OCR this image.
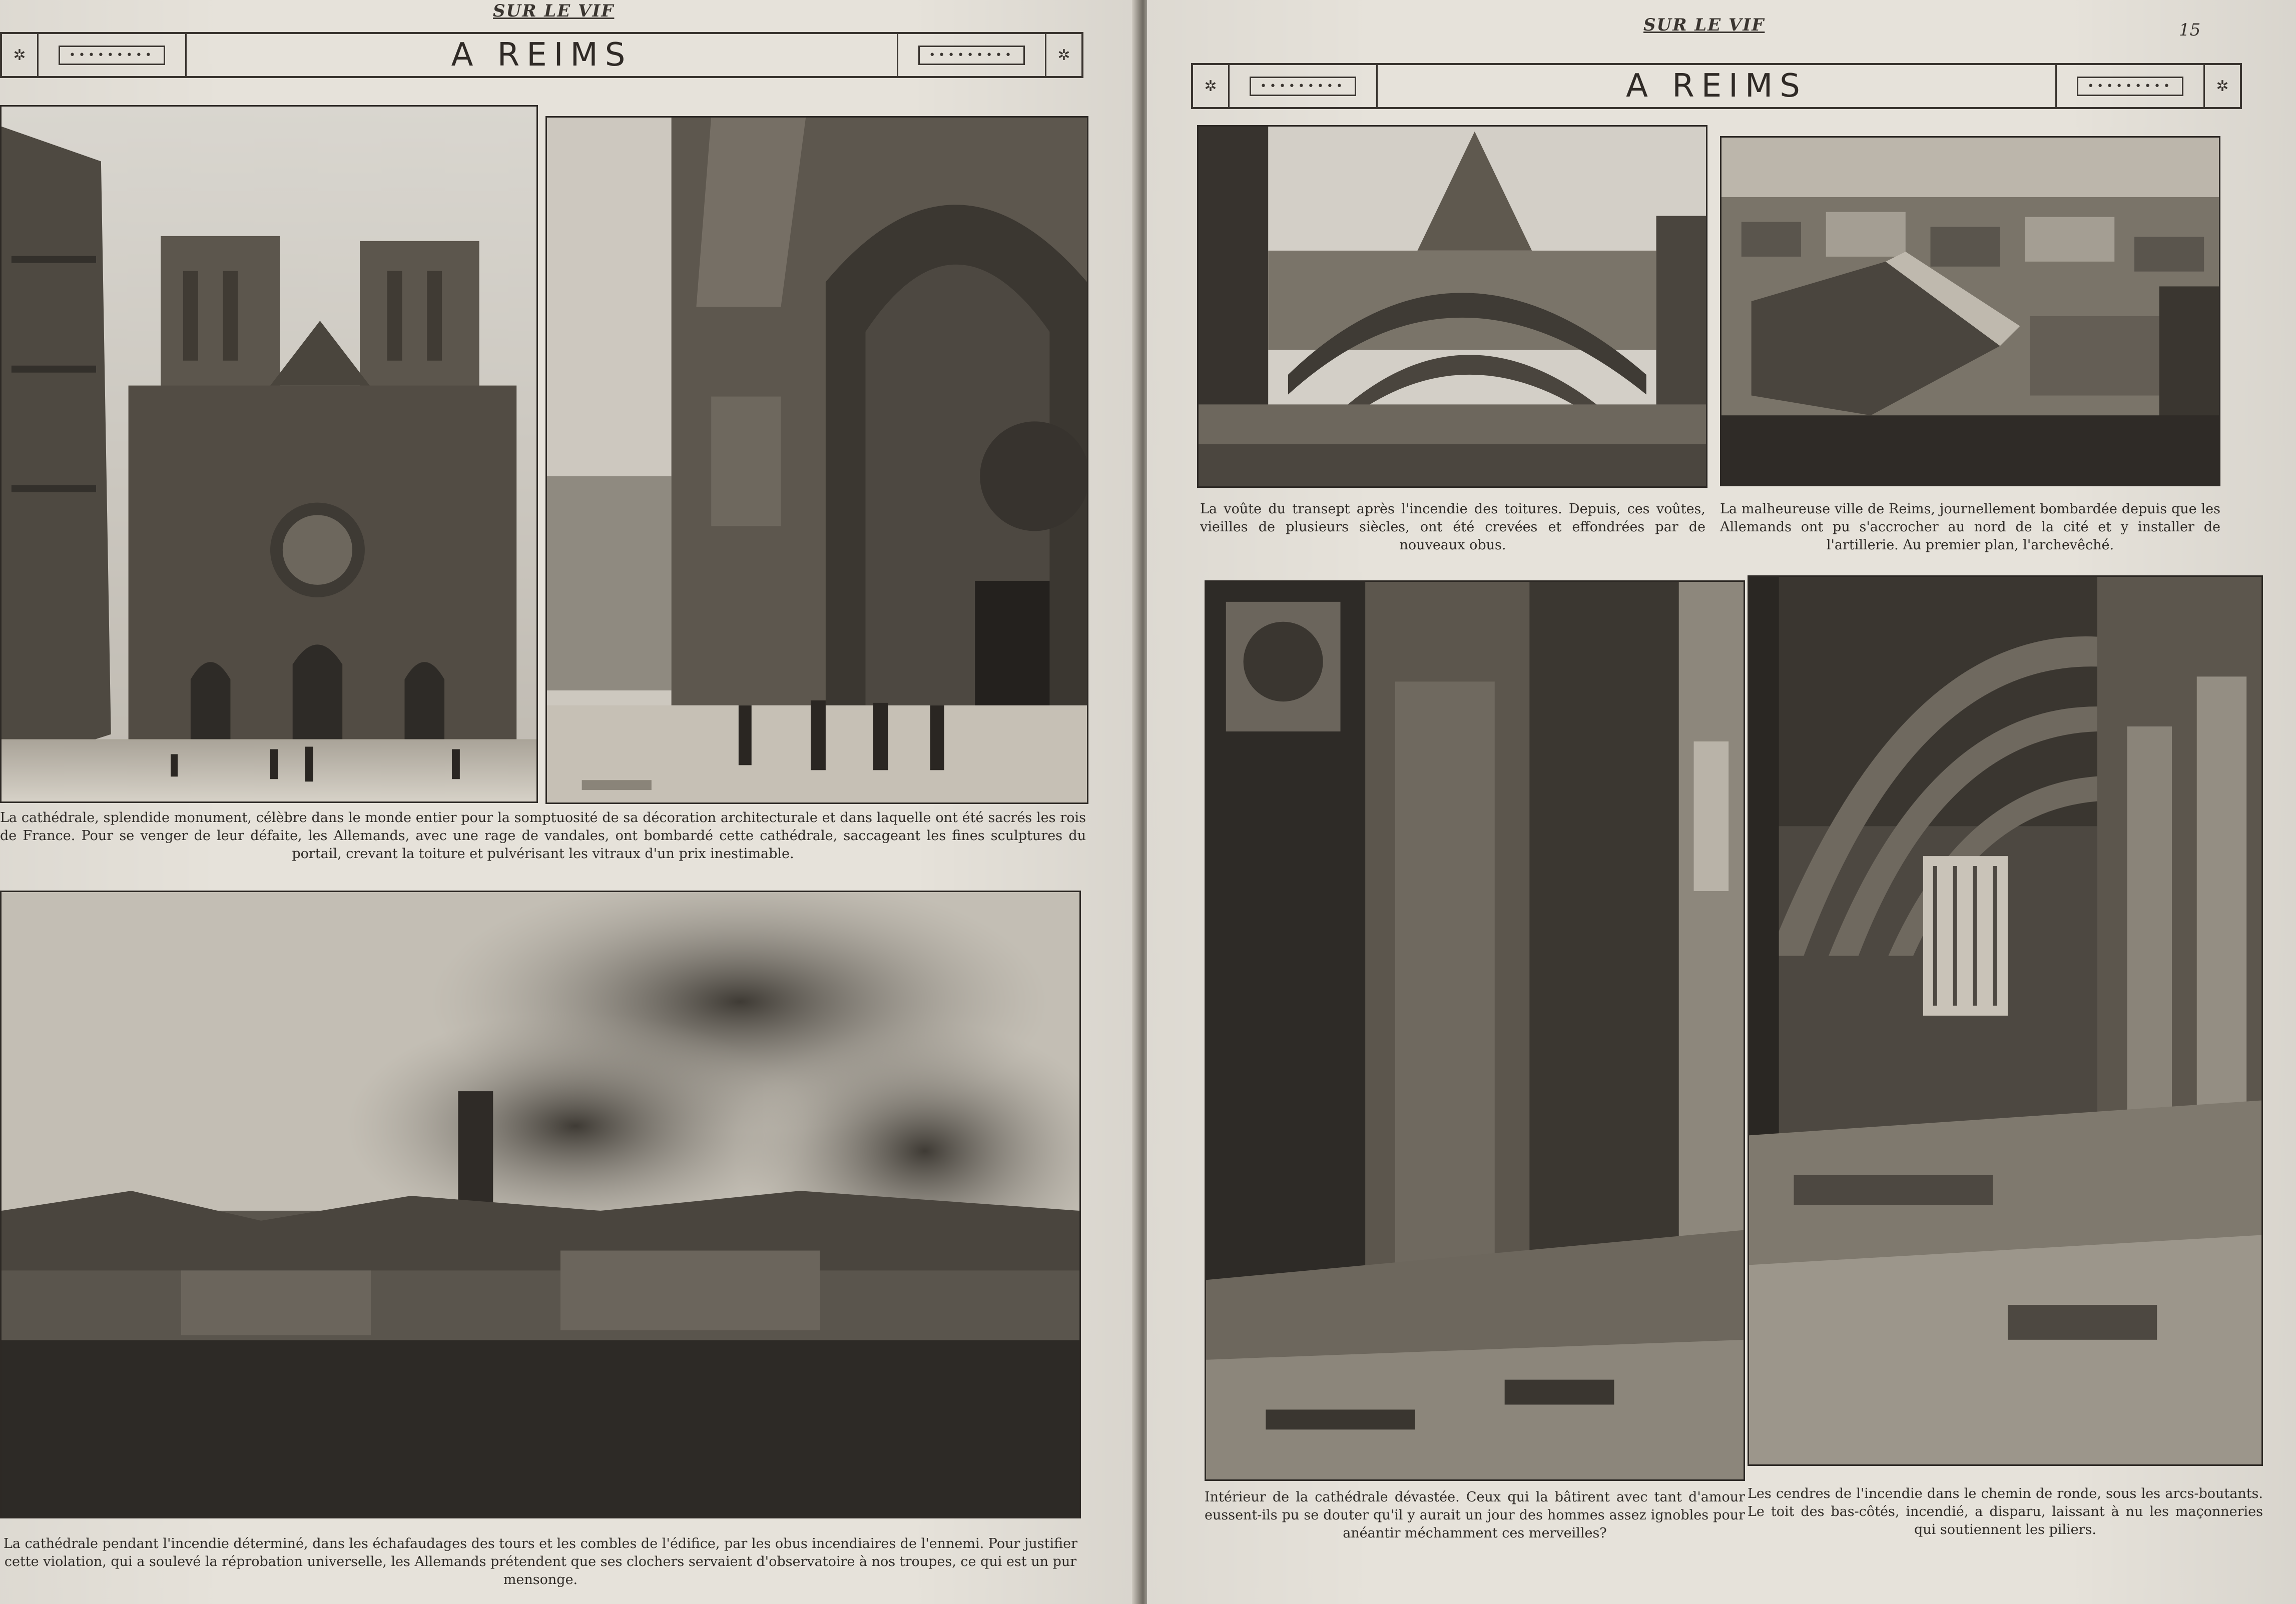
SUR LE VIF
✲	•••••••••	A REIMS	•••••••••	✲
La cathédrale, splendide monument, célèbre dans le monde entier pour la somptuosité de sa décoration architecturale et dans laquelle ont été sacrés les rois de France. Pour se venger de leur défaite, les Allemands, avec une rage de vandales, ont bombardé cette cathédrale, saccageant les fines sculptures du portail, crevant la toiture et pulvérisant les vitraux d'un prix inestimable.
La cathédrale pendant l'incendie déterminé, dans les échafaudages des tours et les combles de l'édifice, par les obus incendiaires de l'ennemi. Pour justifier cette violation, qui a soulevé la réprobation universelle, les Allemands prétendent que ses clochers servaient d'observatoire à nos troupes, ce qui est un pur mensonge.
SUR LE VIF	15
✲	•••••••••	A REIMS	•••••••••	✲
La voûte du transept après l'incendie des toitures. Depuis, ces voûtes, vieilles de plusieurs siècles, ont été crevées et effondrées par de nouveaux obus.
La malheureuse ville de Reims, journellement bombardée depuis que les Allemands ont pu s'accrocher au nord de la cité et y installer de l'artillerie. Au premier plan, l'archevêché.
Intérieur de la cathédrale dévastée. Ceux qui la bâtirent avec tant d'amour eussent-ils pu se douter qu'il y aurait un jour des hommes assez ignobles pour anéantir méchamment ces merveilles?
Les cendres de l'incendie dans le chemin de ronde, sous les arcs-boutants. Le toit des bas-côtés, incendié, a disparu, laissant à nu les maçonneries qui soutiennent les piliers.
